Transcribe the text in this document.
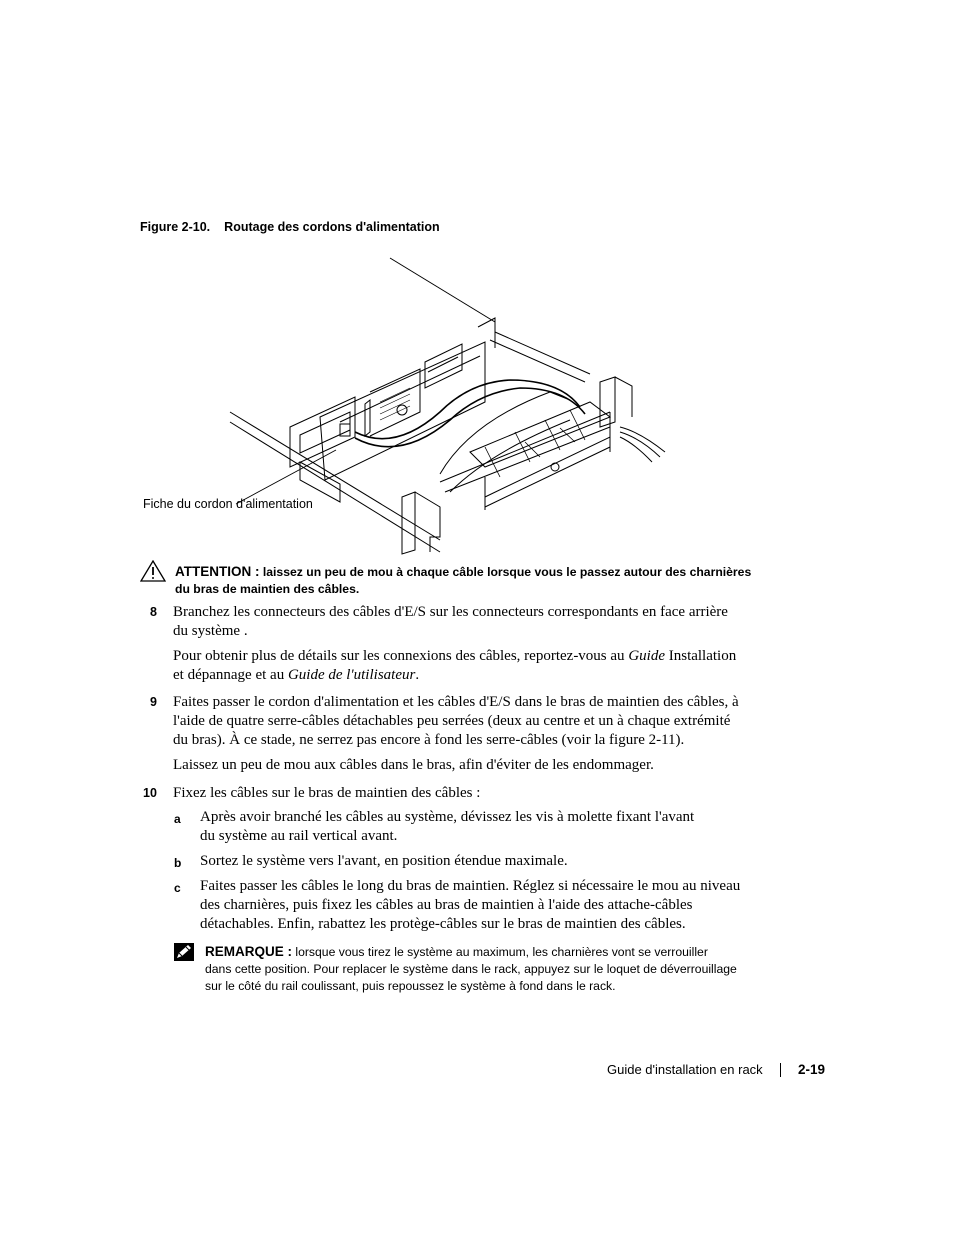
Figure 2-10. Routage des cordons d'alimentation
Fiche du cordon d'alimentation
ATTENTION : laissez un peu de mou à chaque câble lorsque vous le passez autour des charnières
du bras de maintien des câbles.
8 Branchez les connecteurs des câbles d'E/S sur les connecteurs correspondants en face arrière
du système .
Pour obtenir plus de détails sur les connexions des câbles, reportez-vous au Guide Installation
et dépannage et au Guide de l'utilisateur.
9 Faites passer le cordon d'alimentation et les câbles d'E/S dans le bras de maintien des câbles, à
l'aide de quatre serre-câbles détachables peu serrées (deux au centre et un à chaque extrémité
du bras). À ce stade, ne serrez pas encore à fond les serre-câbles (voir la figure 2-11).
Laissez un peu de mou aux câbles dans le bras, afin d'éviter de les endommager.
10 Fixez les câbles sur le bras de maintien des câbles :
a Après avoir branché les câbles au système, dévissez les vis à molette fixant l'avant
du système au rail vertical avant.
b Sortez le système vers l'avant, en position étendue maximale.
c Faites passer les câbles le long du bras de maintien. Réglez si nécessaire le mou au niveau
des charnières, puis fixez les câbles au bras de maintien à l'aide des attache-câbles
détachables. Enfin, rabattez les protège-câbles sur le bras de maintien des câbles.
REMARQUE : lorsque vous tirez le système au maximum, les charnières vont se verrouiller
dans cette position. Pour replacer le système dans le rack, appuyez sur le loquet de déverrouillage
sur le côté du rail coulissant, puis repoussez le système à fond dans le rack.
Guide d'installation en rack	2-19
